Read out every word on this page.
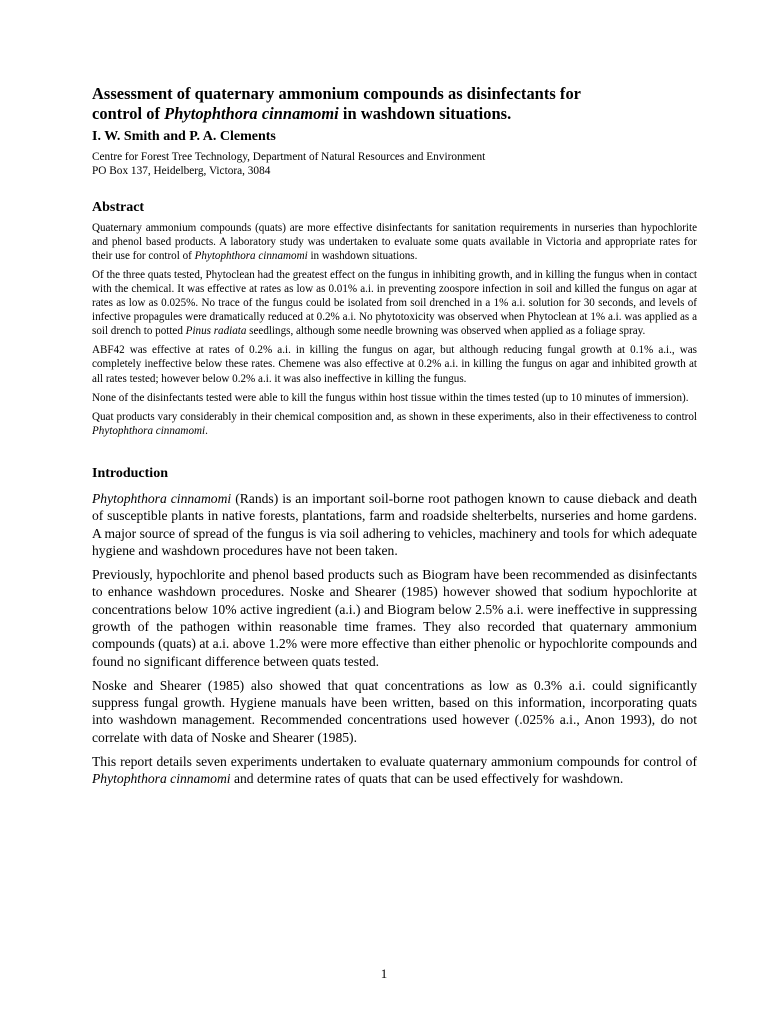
Assessment of quaternary ammonium compounds as disinfectants for
control of Phytophthora cinnamomi in washdown situations.
I. W. Smith and P. A. Clements
Centre for Forest Tree Technology, Department of Natural Resources and Environment
PO Box 137, Heidelberg, Victora, 3084
Abstract

Quaternary ammonium compounds (quats) are more effective disinfectants for sanitation requirements in nurseries than hypochlorite and phenol based products. A laboratory study was undertaken to evaluate some quats available in Victoria and appropriate rates for their use for control of Phytophthora cinnamomi in washdown situations.

Of the three quats tested, Phytoclean had the greatest effect on the fungus in inhibiting growth, and in killing the fungus when in contact with the chemical. It was effective at rates as low as 0.01% a.i. in preventing zoospore infection in soil and killed the fungus on agar at rates as low as 0.025%. No trace of the fungus could be isolated from soil drenched in a 1% a.i. solution for 30 seconds, and levels of infective propagules were dramatically reduced at 0.2% a.i. No phytotoxicity was observed when Phytoclean at 1% a.i. was applied as a soil drench to potted Pinus radiata seedlings, although some needle browning was observed when applied as a foliage spray.

ABF42 was effective at rates of 0.2% a.i. in killing the fungus on agar, but although reducing fungal growth at 0.1% a.i., was completely ineffective below these rates. Chemene was also effective at 0.2% a.i. in killing the fungus on agar and inhibited growth at all rates tested; however below 0.2% a.i. it was also ineffective in killing the fungus.

None of the disinfectants tested were able to kill the fungus within host tissue within the times tested (up to 10 minutes of immersion).

Quat products vary considerably in their chemical composition and, as shown in these experiments, also in their effectiveness to control Phytophthora cinnamomi.

Introduction

Phytophthora cinnamomi (Rands) is an important soil-borne root pathogen known to cause dieback and death of susceptible plants in native forests, plantations, farm and roadside shelterbelts, nurseries and home gardens. A major source of spread of the fungus is via soil adhering to vehicles, machinery and tools for which adequate hygiene and washdown procedures have not been taken.

Previously, hypochlorite and phenol based products such as Biogram have been recommended as disinfectants to enhance washdown procedures. Noske and Shearer (1985) however showed that sodium hypochlorite at concentrations below 10% active ingredient (a.i.) and Biogram below 2.5% a.i. were ineffective in suppressing growth of the pathogen within reasonable time frames. They also recorded that quaternary ammonium compounds (quats) at a.i. above 1.2% were more effective than either phenolic or hypochlorite compounds and found no significant difference between quats tested.

Noske and Shearer (1985) also showed that quat concentrations as low as 0.3% a.i. could significantly suppress fungal growth. Hygiene manuals have been written, based on this information, incorporating quats into washdown management. Recommended concentrations used however (.025% a.i., Anon 1993), do not correlate with data of Noske and Shearer (1985).

This report details seven experiments undertaken to evaluate quaternary ammonium compounds for control of Phytophthora cinnamomi and determine rates of quats that can be used effectively for washdown.

1
